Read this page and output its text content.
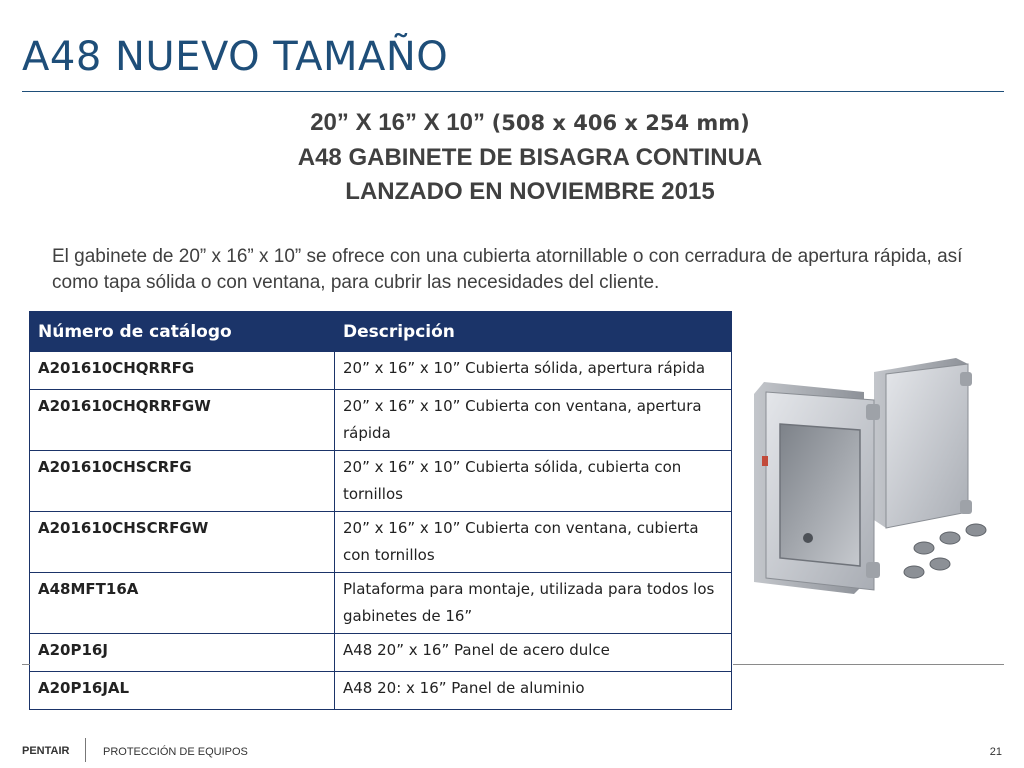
A48 NUEVO TAMAÑO
20” X 16” X 10” (508 x 406 x 254 mm)
A48 GABINETE DE BISAGRA CONTINUA
LANZADO EN NOVIEMBRE 2015
El gabinete de 20” x 16” x 10” se ofrece con una cubierta atornillable o con cerradura de apertura rápida, así como tapa sólida o con ventana, para cubrir las necesidades del cliente.
Número de catálogo	Descripción
A201610CHQRRFG	20” x 16” x 10” Cubierta sólida, apertura rápida
A201610CHQRRFGW	20” x 16” x 10” Cubierta con ventana, apertura rápida
A201610CHSCRFG	20” x 16” x 10” Cubierta sólida, cubierta con tornillos
A201610CHSCRFGW	20” x 16” x 10” Cubierta con ventana, cubierta con tornillos
A48MFT16A	Plataforma para montaje, utilizada para todos los gabinetes de 16”
A20P16J	A48 20” x 16” Panel de acero dulce
A20P16JAL	A48 20: x 16” Panel de aluminio
PENTAIR	PROTECCIÓN DE EQUIPOS	21
